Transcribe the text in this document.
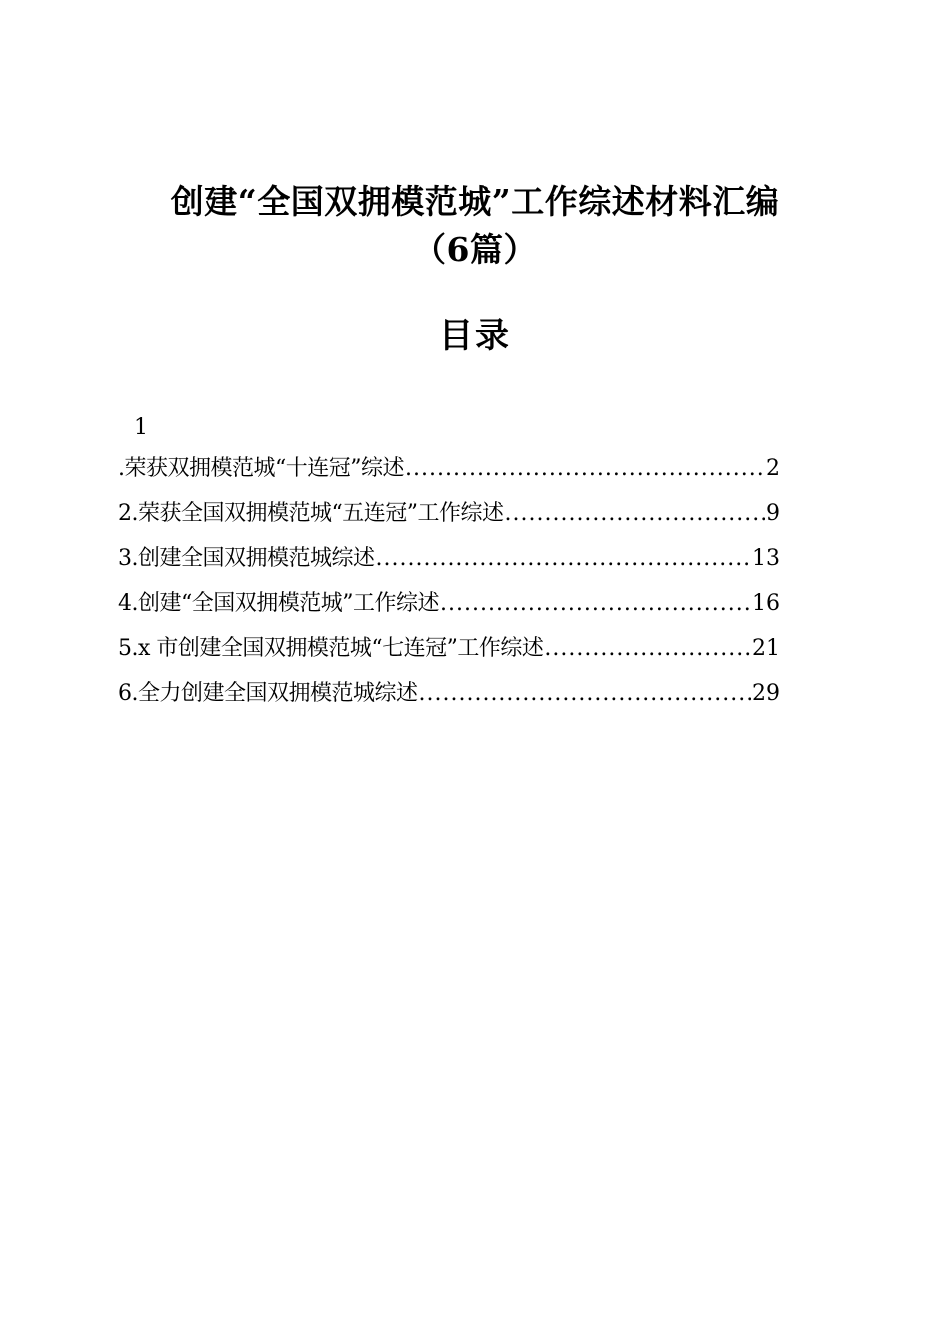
创建“全国双拥模范城”工作综述材料汇编
（6篇）
目录
1
.荣获双拥模范城“十连冠”综述 .....	2
2.荣获全国双拥模范城“五连冠”工作综述 .....	9
3.创建全国双拥模范城综述 .....	13
4.创建“全国双拥模范城”工作综述 .....	16
5.x 市创建全国双拥模范城“七连冠”工作综述 .....	21
6.全力创建全国双拥模范城综述 .....	29
